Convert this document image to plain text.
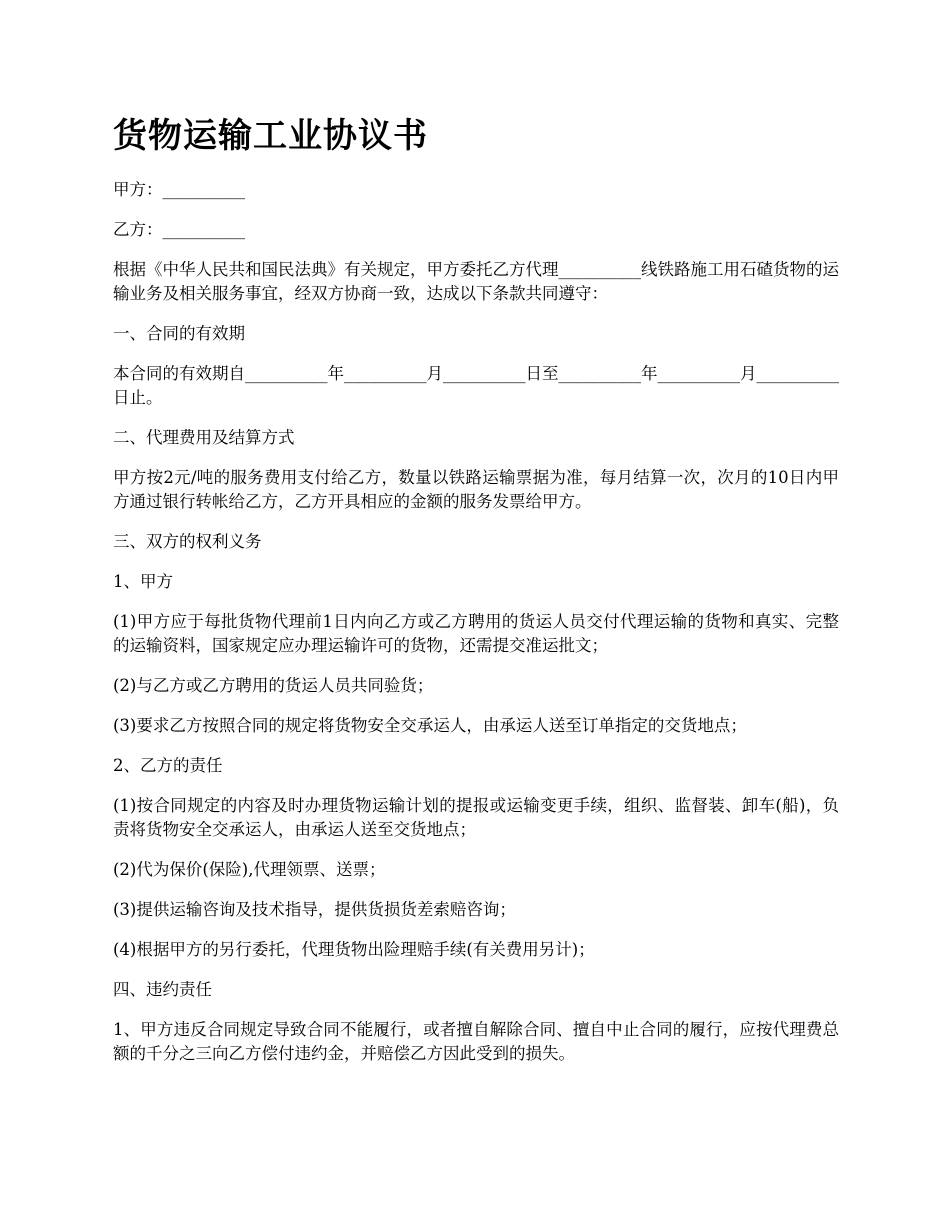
货物运输工业协议书

甲方：__________

乙方：__________

根据《中华人民共和国民法典》有关规定，甲方委托乙方代理__________线铁路施工用石碴货物的运输业务及相关服务事宜，经双方协商一致，达成以下条款共同遵守：

一、合同的有效期

本合同的有效期自__________年__________月__________日至__________年__________月__________日止。

二、代理费用及结算方式

甲方按2元/吨的服务费用支付给乙方，数量以铁路运输票据为准，每月结算一次，次月的10日内甲方通过银行转帐给乙方，乙方开具相应的金额的服务发票给甲方。

三、双方的权利义务

1、甲方

(1)甲方应于每批货物代理前1日内向乙方或乙方聘用的货运人员交付代理运输的货物和真实、完整的运输资料，国家规定应办理运输许可的货物，还需提交准运批文；

(2)与乙方或乙方聘用的货运人员共同验货；

(3)要求乙方按照合同的规定将货物安全交承运人，由承运人送至订单指定的交货地点；

2、乙方的责任

(1)按合同规定的内容及时办理货物运输计划的提报或运输变更手续，组织、监督装、卸车(船)，负责将货物安全交承运人，由承运人送至交货地点；

(2)代为保价(保险),代理领票、送票；

(3)提供运输咨询及技术指导，提供货损货差索赔咨询；

(4)根据甲方的另行委托，代理货物出险理赔手续(有关费用另计)；

四、违约责任

1、甲方违反合同规定导致合同不能履行，或者擅自解除合同、擅自中止合同的履行，应按代理费总额的千分之三向乙方偿付违约金，并赔偿乙方因此受到的损失。
